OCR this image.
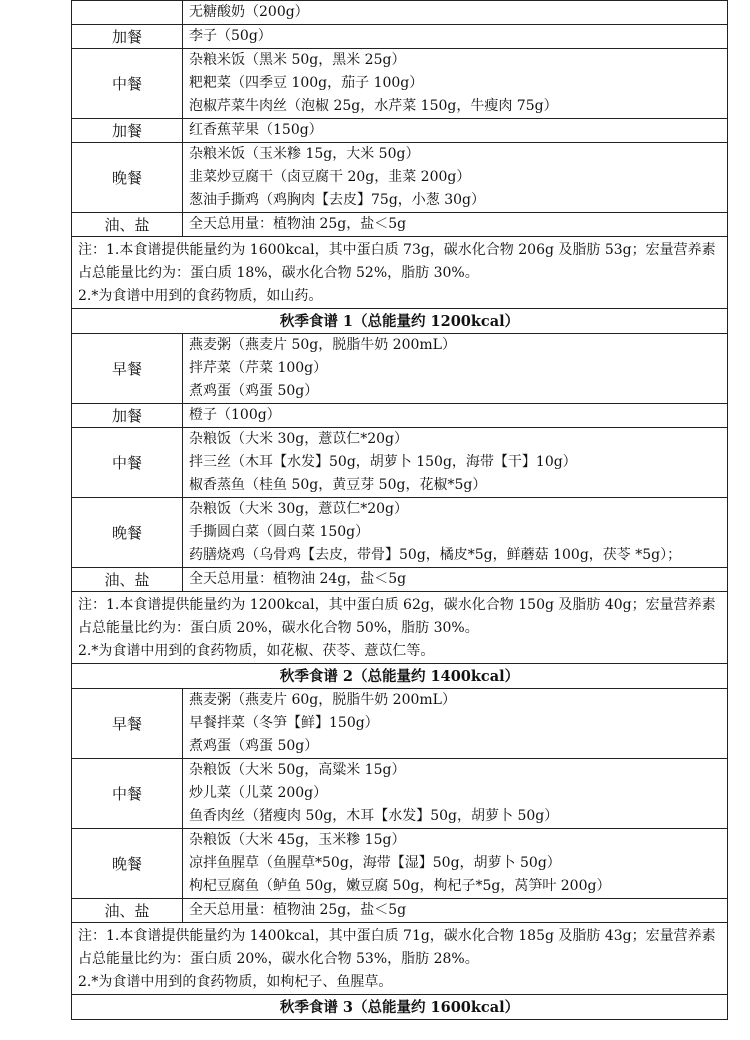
	无糖酸奶（200g）

加餐	李子（50g）

中餐	杂粮米饭（黑米 50g，黑米 25g）
粑粑菜（四季豆 100g，茄子 100g）
泡椒芹菜牛肉丝（泡椒 25g，水芹菜 150g，牛瘦肉 75g）

加餐	红香蕉苹果（150g）

晚餐	杂粮米饭（玉米糁 15g，大米 50g）
韭菜炒豆腐干（卤豆腐干 20g，韭菜 200g）
葱油手撕鸡（鸡胸肉【去皮】75g，小葱 30g）

油、盐	全天总用量：植物油 25g，盐＜5g

注：1.本食谱提供能量约为 1600kcal，其中蛋白质 73g，碳水化合物 206g 及脂肪 53g；宏量营养素占总能量比约为：蛋白质 18%，碳水化合物 52%，脂肪 30%。
2.*为食谱中用到的食药物质，如山药。	

秋季食谱 1（总能量约 1200kcal）	
早餐	燕麦粥（燕麦片 50g，脱脂牛奶 200mL）
拌芹菜（芹菜 100g）
煮鸡蛋（鸡蛋 50g）

加餐	橙子（100g）

中餐	杂粮饭（大米 30g，薏苡仁*20g）
拌三丝（木耳【水发】50g，胡萝卜 150g，海带【干】10g）
椒香蒸鱼（桂鱼 50g，黄豆芽 50g，花椒*5g）

晚餐	杂粮饭（大米 30g，薏苡仁*20g）
手撕圆白菜（圆白菜 150g）
药膳烧鸡（乌骨鸡【去皮，带骨】50g，橘皮*5g，鲜蘑菇 100g，茯苓 *5g）；

油、盐	全天总用量：植物油 24g，盐＜5g

注：1.本食谱提供能量约为 1200kcal，其中蛋白质 62g，碳水化合物 150g 及脂肪 40g；宏量营养素占总能量比约为：蛋白质 20%，碳水化合物 50%，脂肪 30%。
2.*为食谱中用到的食药物质，如花椒、茯苓、薏苡仁等。	

秋季食谱 2（总能量约 1400kcal）	
早餐	燕麦粥（燕麦片 60g，脱脂牛奶 200mL）
早餐拌菜（冬笋【鲜】150g）
煮鸡蛋（鸡蛋 50g）

中餐	杂粮饭（大米 50g，高粱米 15g）
炒儿菜（儿菜 200g）
鱼香肉丝（猪瘦肉 50g，木耳【水发】50g，胡萝卜 50g）

晚餐	杂粮饭（大米 45g，玉米糁 15g）
凉拌鱼腥草（鱼腥草*50g，海带【湿】50g，胡萝卜 50g）
枸杞豆腐鱼（鲈鱼 50g，嫩豆腐 50g，枸杞子*5g，莴笋叶 200g）

油、盐	全天总用量：植物油 25g，盐＜5g

注：1.本食谱提供能量约为 1400kcal，其中蛋白质 71g，碳水化合物 185g 及脂肪 43g；宏量营养素占总能量比约为：蛋白质 20%，碳水化合物 53%，脂肪 28%。
2.*为食谱中用到的食药物质，如枸杞子、鱼腥草。	

秋季食谱 3（总能量约 1600kcal）	
